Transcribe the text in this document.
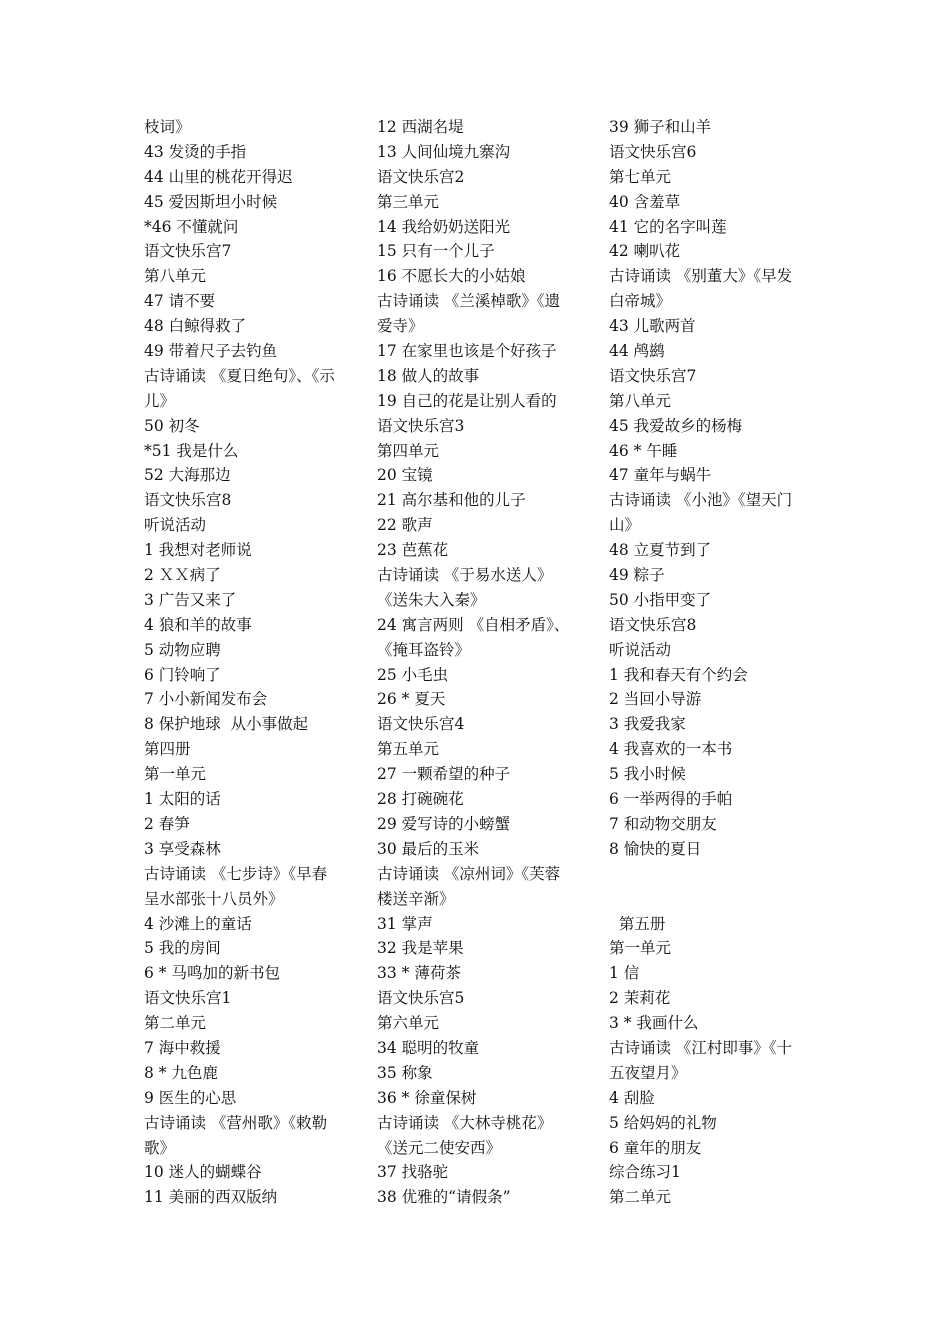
枝词》
43 发烫的手指
44 山里的桃花开得迟
45 爱因斯坦小时候
*46 不懂就问
语文快乐宫7
第八单元
47 请不要
48 白鲸得救了
49 带着尺子去钓鱼
古诗诵读 《夏日绝句》、《示
儿》
50 初冬
*51 我是什么
52 大海那边
语文快乐宫8
听说活动
1 我想对老师说
2 ＸＸ病了
3 广告又来了
4 狼和羊的故事
5 动物应聘
6 门铃响了
7 小小新闻发布会
8 保护地球  从小事做起
第四册
第一单元
1 太阳的话
2 春笋
3 享受森林
古诗诵读 《七步诗》《早春
呈水部张十八员外》
4 沙滩上的童话
5 我的房间
6 * 马鸣加的新书包
语文快乐宫1
第二单元
7 海中救援
8 * 九色鹿
9 医生的心思
古诗诵读 《营州歌》《敕勒
歌》
10 迷人的蝴蝶谷
11 美丽的西双版纳
12 西湖名堤
13 人间仙境九寨沟
语文快乐宫2
第三单元
14 我给奶奶送阳光
15 只有一个儿子
16 不愿长大的小姑娘
古诗诵读 《兰溪棹歌》《遗
爱寺》
17 在家里也该是个好孩子
18 做人的故事
19 自己的花是让别人看的
语文快乐宫3
第四单元
20 宝镜
21 高尔基和他的儿子
22 歌声
23 芭蕉花
古诗诵读 《于易水送人》
《送朱大入秦》
24 寓言两则 《自相矛盾》、
《掩耳盗铃》
25 小毛虫
26 * 夏天
语文快乐宫4
第五单元
27 一颗希望的种子
28 打碗碗花
29 爱写诗的小螃蟹
30 最后的玉米
古诗诵读 《凉州词》《芙蓉
楼送辛渐》
31 掌声
32 我是苹果
33 * 薄荷茶
语文快乐宫5
第六单元
34 聪明的牧童
35 称象
36 * 徐童保树
古诗诵读 《大林寺桃花》
《送元二使安西》
37 找骆驼
38 优雅的“请假条”
39 狮子和山羊
语文快乐宫6
第七单元
40 含羞草
41 它的名字叫莲
42 喇叭花
古诗诵读 《别董大》《早发
白帝城》
43 儿歌两首
44 鸬鹚
语文快乐宫7
第八单元
45 我爱故乡的杨梅
46 * 午睡
47 童年与蜗牛
古诗诵读 《小池》《望天门
山》
48 立夏节到了
49 粽子
50 小指甲变了
语文快乐宫8
听说活动
1 我和春天有个约会
2 当回小导游
3 我爱我家
4 我喜欢的一本书
5 我小时候
6 一举两得的手帕
7 和动物交朋友
8 愉快的夏日
第五册
第一单元
1 信
2 茉莉花
3 * 我画什么
古诗诵读 《江村即事》《十
五夜望月》
4 刮脸
5 给妈妈的礼物
6 童年的朋友
综合练习1
第二单元
